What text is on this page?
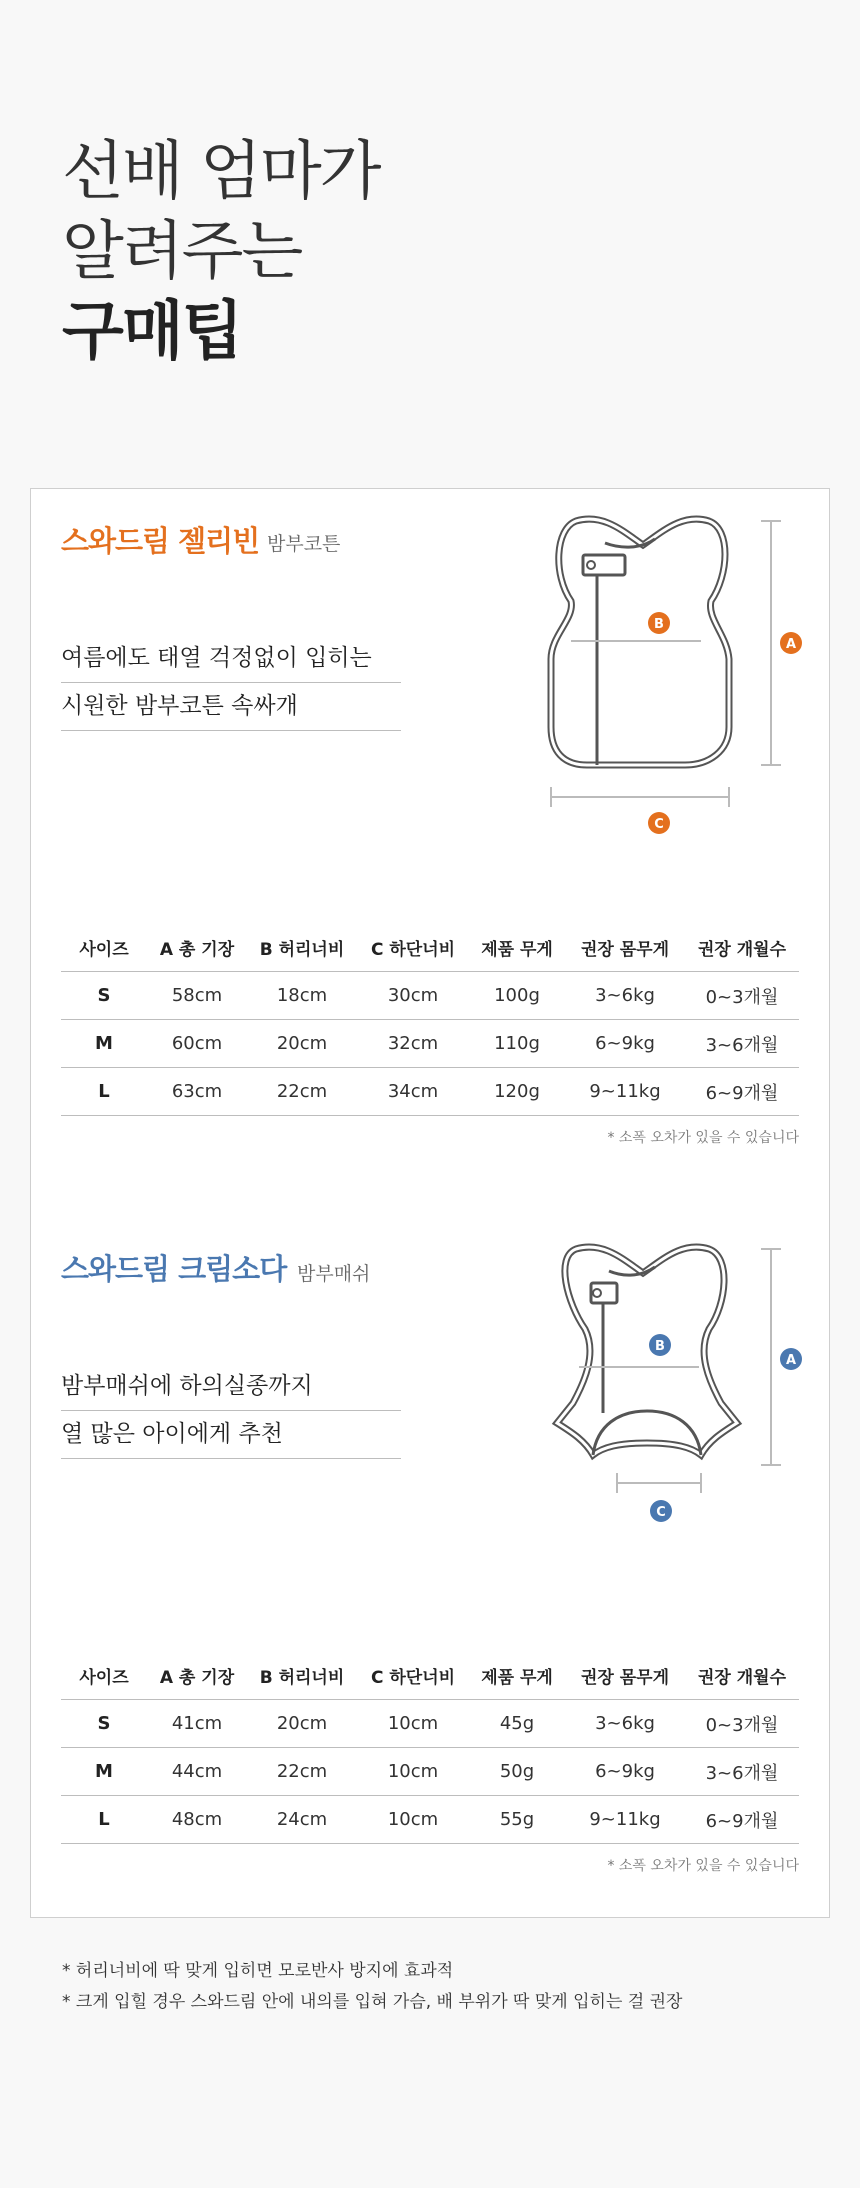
선배 엄마가
알려주는
구매팁
스와드림 젤리빈 밤부코튼
여름에도 태열 걱정없이 입히는
시원한 밤부코튼 속싸개
A
B
C
사이즈	A 총 기장	B 허리너비	C 하단너비	제품 무게	권장 몸무게	권장 개월수
S	58cm	18cm	30cm	100g	3~6kg	0~3개월
M	60cm	20cm	32cm	110g	6~9kg	3~6개월
L	63cm	22cm	34cm	120g	9~11kg	6~9개월
* 소폭 오차가 있을 수 있습니다
스와드림 크림소다 밤부매쉬
밤부매쉬에 하의실종까지
열 많은 아이에게 추천
A
B
C
사이즈	A 총 기장	B 허리너비	C 하단너비	제품 무게	권장 몸무게	권장 개월수
S	41cm	20cm	10cm	45g	3~6kg	0~3개월
M	44cm	22cm	10cm	50g	6~9kg	3~6개월
L	48cm	24cm	10cm	55g	9~11kg	6~9개월
* 소폭 오차가 있을 수 있습니다
* 허리너비에 딱 맞게 입히면 모로반사 방지에 효과적
* 크게 입힐 경우 스와드림 안에 내의를 입혀 가슴, 배 부위가 딱 맞게 입히는 걸 권장
